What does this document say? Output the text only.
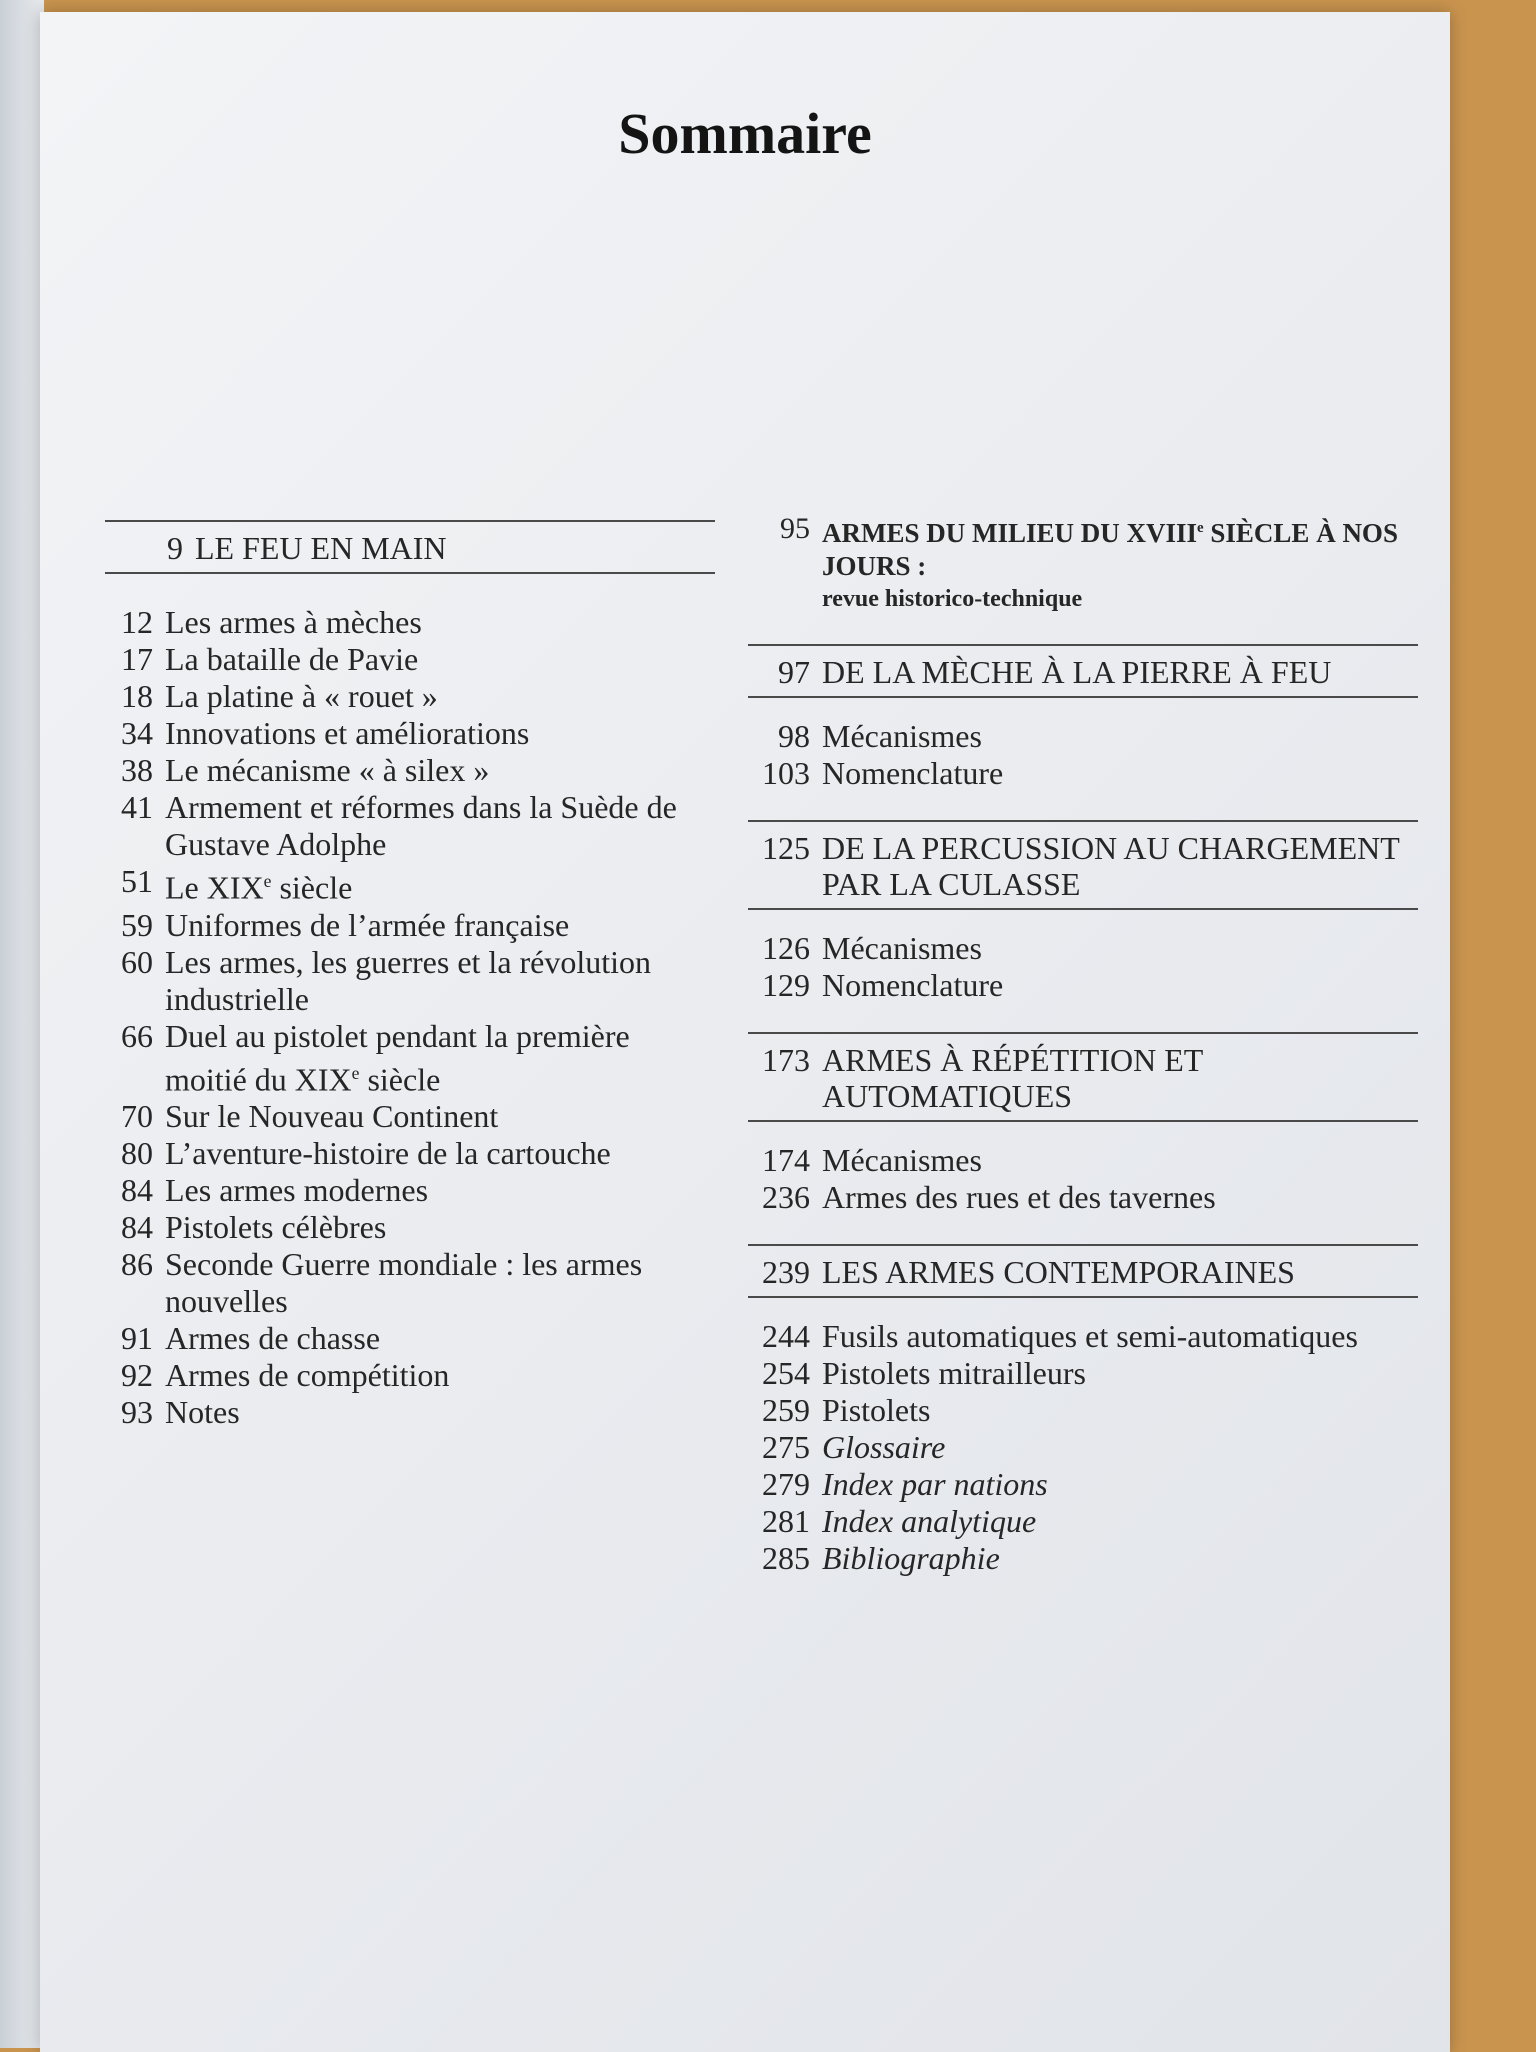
Sommaire
9 LE FEU EN MAIN
12 Les armes à mèches
17 La bataille de Pavie
18 La platine à « rouet »
34 Innovations et améliorations
38 Le mécanisme « à silex »
41 Armement et réformes dans la Suède de Gustave Adolphe
51 Le XIXe siècle
59 Uniformes de l’armée française
60 Les armes, les guerres et la révolution industrielle
66 Duel au pistolet pendant la première moitié du XIXe siècle
70 Sur le Nouveau Continent
80 L’aventure-histoire de la cartouche
84 Les armes modernes
84 Pistolets célèbres
86 Seconde Guerre mondiale : les armes nouvelles
91 Armes de chasse
92 Armes de compétition
93 Notes
95 ARMES DU MILIEU DU XVIIIe SIÈCLE À NOS JOURS :
revue historico-technique
97 DE LA MÈCHE À LA PIERRE À FEU
98 Mécanismes
103 Nomenclature
125 DE LA PERCUSSION AU CHARGEMENT PAR LA CULASSE
126 Mécanismes
129 Nomenclature
173 ARMES À RÉPÉTITION ET AUTOMATIQUES
174 Mécanismes
236 Armes des rues et des tavernes
239 LES ARMES CONTEMPORAINES
244 Fusils automatiques et semi-automatiques
254 Pistolets mitrailleurs
259 Pistolets
275 Glossaire
279 Index par nations
281 Index analytique
285 Bibliographie
